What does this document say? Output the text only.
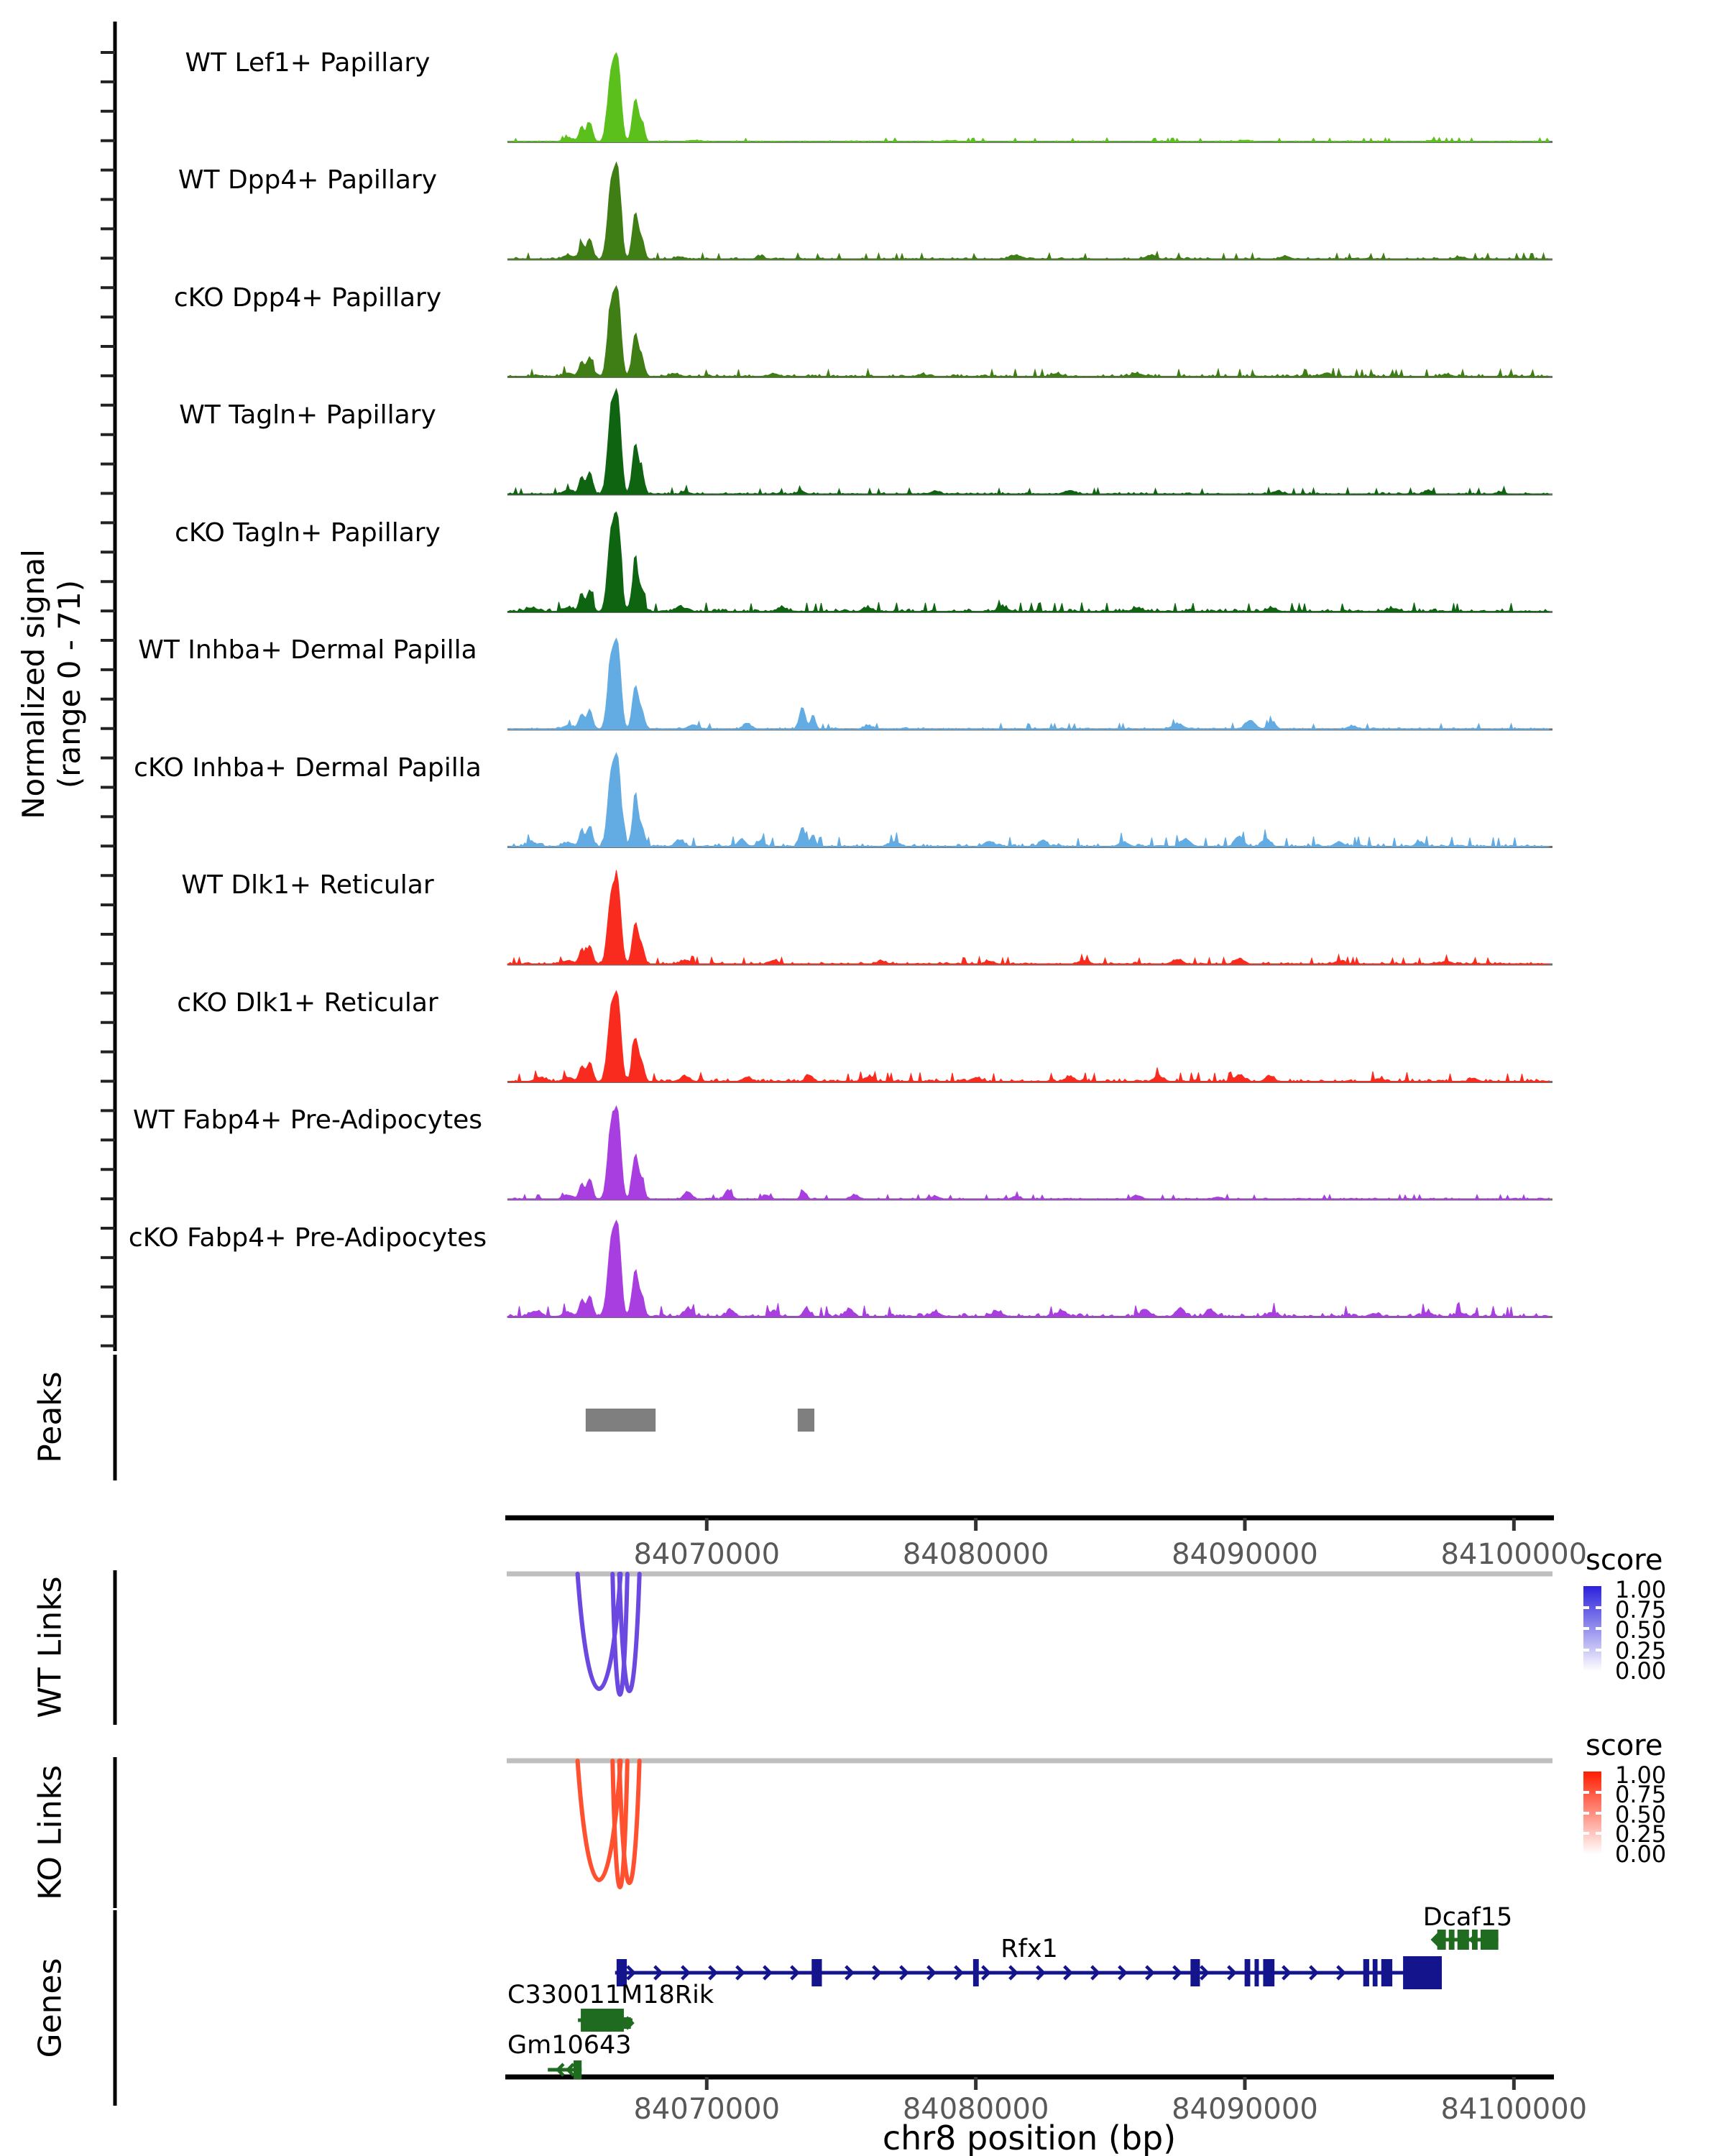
Normalized signal (range 0 - 71)
Peaks
WT Links
KO Links
Genes
chr8 position (bp)
WT Lef1+ Papillary
WT Dpp4+ Papillary
cKO Dpp4+ Papillary
WT Tagln+ Papillary
cKO Tagln+ Papillary
WT Inhba+ Dermal Papilla
cKO Inhba+ Dermal Papilla
WT Dlk1+ Reticular
cKO Dlk1+ Reticular
WT Fabp4+ Pre-Adipocytes
cKO Fabp4+ Pre-Adipocytes
84070000	84080000	84090000	84100000
84070000	84080000	84090000	84100000
score
1.00
0.75
0.50
0.25
0.00
score
1.00
0.75
0.50
0.25
0.00
Rfx1
C330011M18Rik
Gm10643
Dcaf15
